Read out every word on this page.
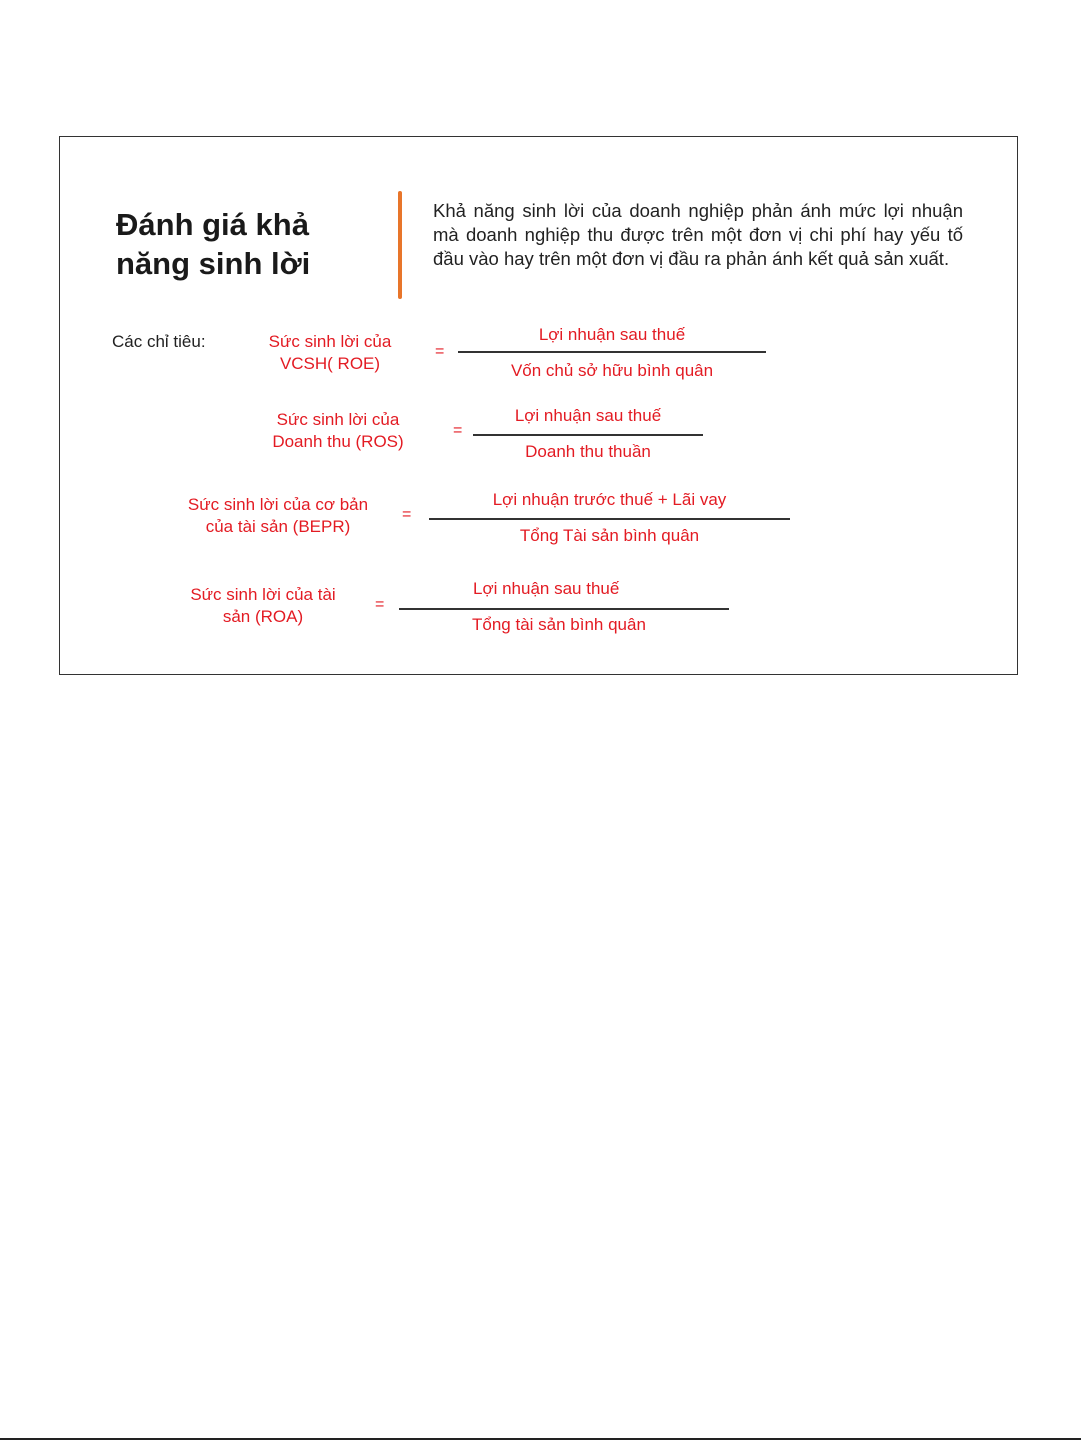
Đánh giá khả
năng sinh lời
Khả năng sinh lời của doanh nghiệp phản ánh mức lợi nhuận mà doanh nghiệp thu được trên một đơn vị chi phí hay yếu tố đầu vào hay trên một đơn vị đầu ra phản ánh kết quả sản xuất.
Các chỉ tiêu:	Sức sinh lời của
VCSH( ROE)
=
Lợi nhuận sau thuế
Vốn chủ sở hữu bình quân
Sức sinh lời của
Doanh thu (ROS)
=
Lợi nhuận sau thuế
Doanh thu thuần
Sức sinh lời của cơ bản
của tài sản (BEPR)
=
Lợi nhuận trước thuế + Lãi vay
Tổng Tài sản bình quân
Sức sinh lời của tài
sản (ROA)
=
Lợi nhuận sau thuế
Tổng tài sản bình quân
